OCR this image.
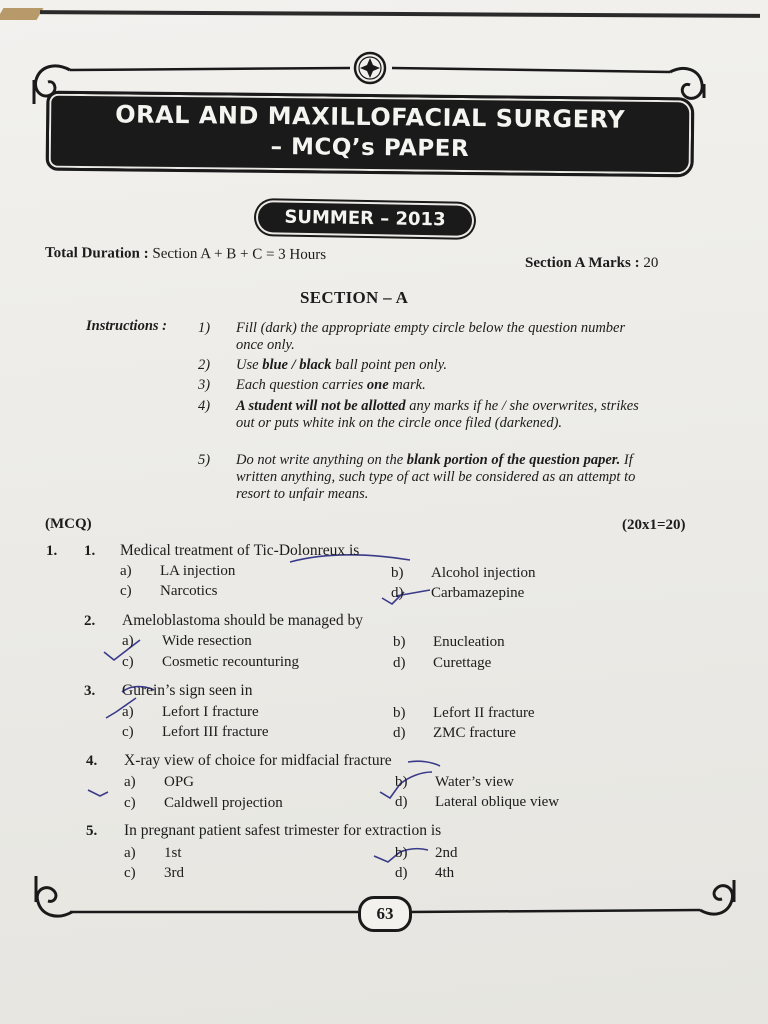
ORAL AND MAXILLOFACIAL SURGERY
– MCQ’s PAPER
SUMMER – 2013
Total Duration : Section A + B + C = 3 Hours
Section A Marks : 20
SECTION – A
Instructions : 1) Fill (dark) the appropriate empty circle below the question number once only.
2) Use blue / black ball point pen only.
3) Each question carries one mark.
4) A student will not be allotted any marks if he / she overwrites, strikes out or puts white ink on the circle once filed (darkened).
5) Do not write anything on the blank portion of the question paper. If written anything, such type of act will be considered as an attempt to resort to unfair means.
(MCQ)	(20x1=20)
1. 1. Medical treatment of Tic-Dolonreux is
a) LA injection	b) Alcohol injection
c) Narcotics	d) Carbamazepine
2. Ameloblastoma should be managed by
a) Wide resection	b) Enucleation
c) Cosmetic recounturing	d) Curettage
3. Gurein’s sign seen in
a) Lefort I fracture	b) Lefort II fracture
c) Lefort III fracture	d) ZMC fracture
4. X-ray view of choice for midfacial fracture
a) OPG	b) Water’s view
c) Caldwell projection	d) Lateral oblique view
5. In pregnant patient safest trimester for extraction is
a) 1st	b) 2nd
c) 3rd	d) 4th
63
